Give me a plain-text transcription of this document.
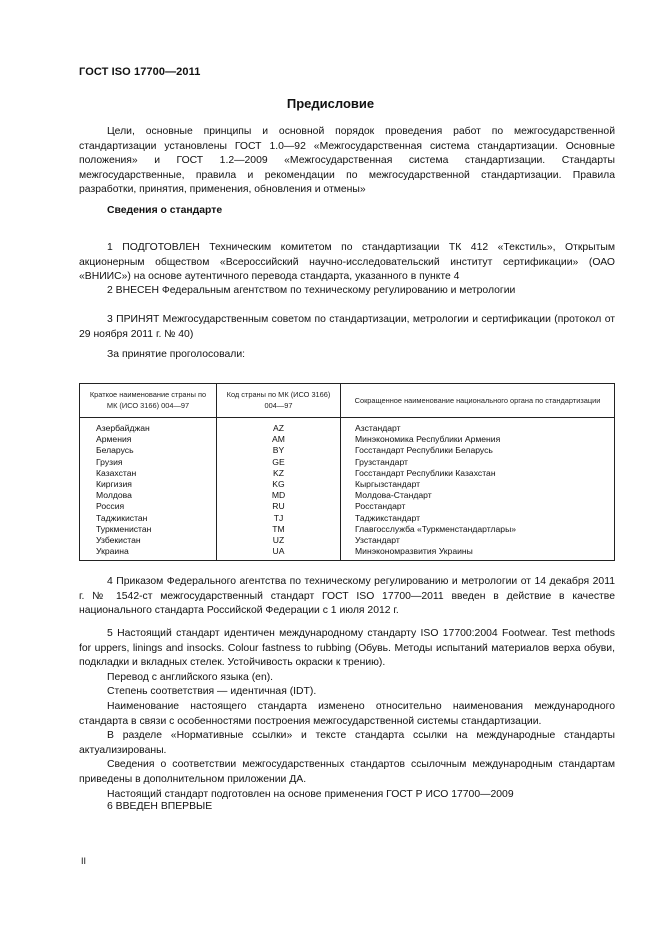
ГОСТ ISO 17700—2011
Предисловие

Цели, основные принципы и основной порядок проведения работ по межгосударственной стандартизации установлены ГОСТ 1.0—92 «Межгосударственная система стандартизации. Основные положения» и ГОСТ 1.2—2009 «Межгосударственная система стандартизации. Стандарты межгосударственные, правила и рекомендации по межгосударственной стандартизации. Правила разработки, принятия, применения, обновления и отмены»

Сведения о стандарте

1 ПОДГОТОВЛЕН Техническим комитетом по стандартизации ТК 412 «Текстиль», Открытым акционерным обществом «Всероссийский научно-исследовательский институт сертификации» (ОАО «ВНИИС») на основе аутентичного перевода стандарта, указанного в пункте 4

2 ВНЕСЕН Федеральным агентством по техническому регулированию и метрологии

3 ПРИНЯТ Межгосударственным советом по стандартизации, метрологии и сертификации (протокол от 29 ноября 2011 г. № 40)

За принятие проголосовали:
Краткое наименование страны по МК (ИСО 3166) 004—97	Код страны по МК (ИСО 3166) 004—97	Сокращенное наименование национального органа по стандартизации
Азербайджан	AZ	Азстандарт
Армения	AM	Минэкономика Республики Армения
Беларусь	BY	Госстандарт Республики Беларусь
Грузия	GE	Грузстандарт
Казахстан	KZ	Госстандарт Республики Казахстан
Киргизия	KG	Кыргызстандарт
Молдова	MD	Молдова-Стандарт
Россия	RU	Росстандарт
Таджикистан	TJ	Таджикстандарт
Туркменистан	TM	Главгосслужба «Туркменстандартлары»
Узбекистан	UZ	Узстандарт
Украина	UA	Минэкономразвития Украины

4 Приказом Федерального агентства по техническому регулированию и метрологии от 14 декабря 2011 г. № 1542-ст межгосударственный стандарт ГОСТ ISO 17700—2011 введен в действие в качестве национального стандарта Российской Федерации с 1 июля 2012 г.

5 Настоящий стандарт идентичен международному стандарту ISO 17700:2004 Footwear. Test methods for uppers, linings and insocks. Colour fastness to rubbing (Обувь. Методы испытаний материалов верха обуви, подкладки и вкладных стелек. Устойчивость окраски к трению).

Перевод с английского языка (en).

Степень соответствия — идентичная (IDT).

Наименование настоящего стандарта изменено относительно наименования международного стандарта в связи с особенностями построения межгосударственной системы стандартизации.

В разделе «Нормативные ссылки» и тексте стандарта ссылки на международные стандарты актуализированы.

Сведения о соответствии межгосударственных стандартов ссылочным международным стандартам приведены в дополнительном приложении ДА.

Настоящий стандарт подготовлен на основе применения ГОСТ Р ИСО 17700—2009

6 ВВЕДЕН ВПЕРВЫЕ
II
